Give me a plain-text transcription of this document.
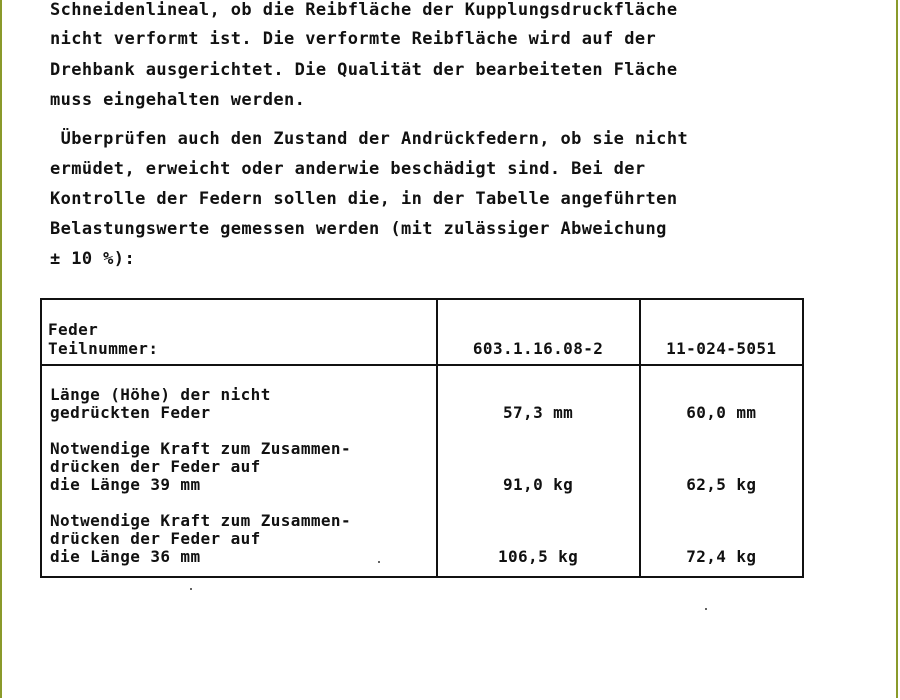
Schneidenlineal, ob die Reibfläche der Kupplungsdruckfläche
nicht verformt ist. Die verformte Reibfläche wird auf der
Drehbank ausgerichtet. Die Qualität der bearbeiteten Fläche
muss eingehalten werden.
Überprüfen auch den Zustand der Andrückfedern, ob sie nicht
ermüdet, erweicht oder anderwie beschädigt sind. Bei der
Kontrolle der Federn sollen die, in der Tabelle angeführten
Belastungswerte gemessen werden (mit zulässiger Abweichung
± 10 %):
Feder
Teilnummer:	603.1.16.08-2	11-024-5051
Länge (Höhe) der nicht
gedrückten Feder	57,3 mm	60,0 mm
Notwendige Kraft zum Zusammen-
drücken der Feder auf
die Länge 39 mm	91,0 kg	62,5 kg
Notwendige Kraft zum Zusammen-
drücken der Feder auf
die Länge 36 mm	106,5 kg	72,4 kg
